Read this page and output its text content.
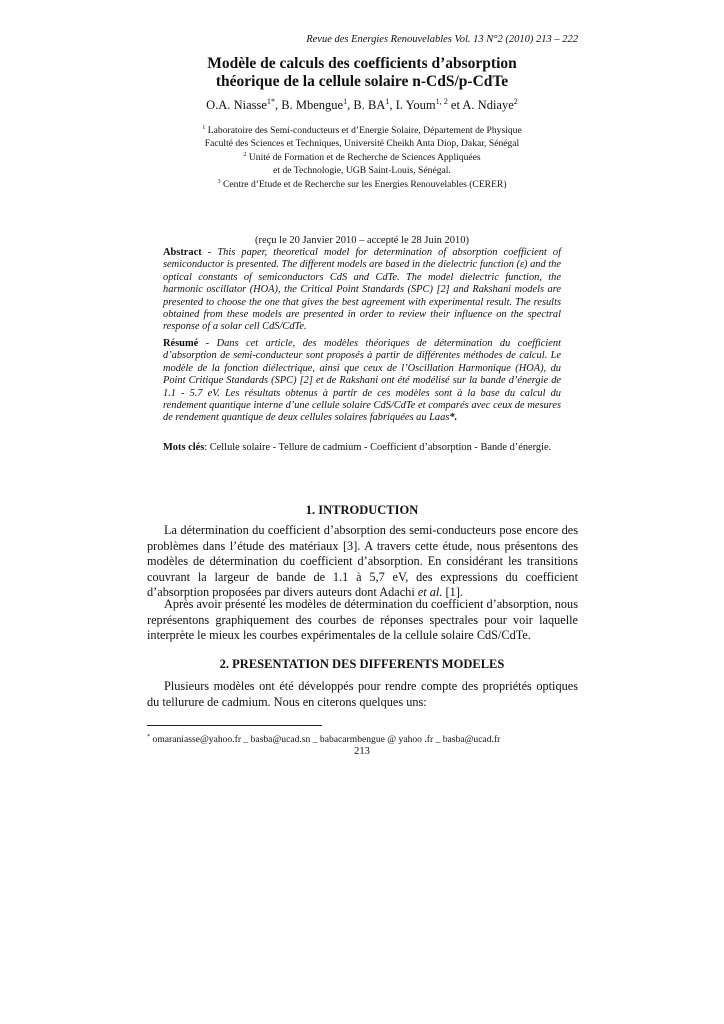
Revue des Energies Renouvelables Vol. 13 N°2 (2010) 213 – 222
Modèle de calculs des coefficients d’absorption
théorique de la cellule solaire n-CdS/p-CdTe
O.A. Niasse$^{1*}$, B. Mbengue$^1$, B. $BA^1$, I. Youm$^{1, 2}$ et A. Ndiaye$^2$
$^1$ Laboratoire des Semi-conducteurs et d’Energie Solaire, Département de Physique
Faculté des Sciences et Techniques, Université Cheikh Anta Diop, Dakar, Sénégal
$^2$ Unité de Formation et de Recherche de Sciences Appliquées
et de Technologie, UGB Saint-Louis, Sénégal.
$^3$ Centre d’Etude et de Recherche sur les Energies Renouvelables (CERER)
(reçu le 20 Janvier 2010 – accepté le 28 Juin 2010)
Abstract - This paper, theoretical model for determination of absorption coefficient of semiconductor is presented. The different models are based in the dielectric function (ε) and the optical constants of semiconductors CdS and CdTe. The model dielectric function, the harmonic oscillator (HOA), the Critical Point Standards (SPC) [2] and Rakshani models are presented to choose the one that gives the best agreement with experimental result. The results obtained from these models are presented in order to review their influence on the spectral response of a solar cell CdS/CdTe.
Résumé - Dans cet article, des modèles théoriques de détermination du coefficient d’absorption de semi-conducteur sont proposés à partir de différentes méthodes de calcul. Le modèle de la fonction diélectrique, ainsi que ceux de l’Oscillation Harmonique (HOA), du Point Critique Standards (SPC) [2] et de Rakshani ont été modélisé sur la bande d’énergie de 1.1 - 5.7 eV. Les résultats obtenus à partir de ces modèles sont à la base du calcul du rendement quantique interne d’une cellule solaire CdS/CdTe et comparés avec ceux de mesures de rendement quantique de deux cellules solaires fabriquées au Laas*.
Mots clés: Cellule solaire - Tellure de cadmium - Coefficient d’absorption - Bande d’énergie.
1. INTRODUCTION
La détermination du coefficient d’absorption des semi-conducteurs pose encore des problèmes dans l’étude des matériaux [3]. A travers cette étude, nous présentons des modèles de détermination du coefficient d’absorption. En considérant les transitions couvrant la largeur de bande de 1.1 à 5,7 eV, des expressions du coefficient d’absorption proposées par divers auteurs dont Adachi et al. [1].
Après avoir présenté les modèles de détermination du coefficient d’absorption, nous représentons graphiquement des courbes de réponses spectrales pour voir laquelle interprète le mieux les courbes expérimentales de la cellule solaire CdS/CdTe.
2. PRESENTATION DES DIFFERENTS MODELES
Plusieurs modèles ont été développés pour rendre compte des propriétés optiques du tellurure de cadmium. Nous en citerons quelques uns:
* omaraniasse@yahoo.fr _ basba@ucad.sn _ babacarmbengue @ yahoo .fr _ basba@ucad.fr
213
